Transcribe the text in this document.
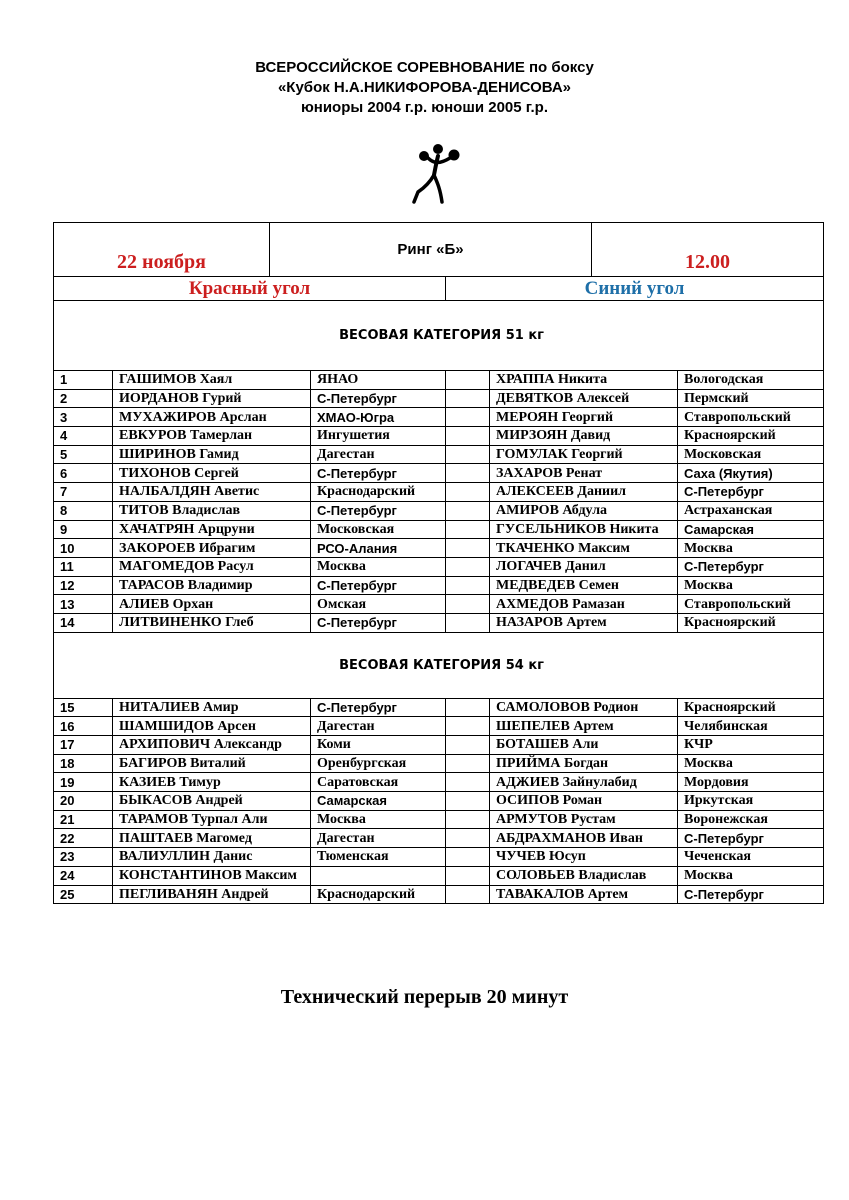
ВСЕРОССИЙСКОЕ СОРЕВНОВАНИЕ по боксу
«Кубок Н.А.НИКИФОРОВА-ДЕНИСОВА»
юниоры 2004 г.р. юноши 2005 г.р.
22 ноября	Ринг «Б»		12.00
Красный угол		Синий угол	
ВЕСОВАЯ КАТЕГОРИЯ 51 кг					
1	ГАШИМОВ Хаял	ЯНАО		ХРАППА Никита	Вологодская
2	ИОРДАНОВ Гурий	С-Петербург		ДЕВЯТКОВ Алексей	Пермский
3	МУХАЖИРОВ Арслан	ХМАО-Югра		МЕРОЯН Георгий	Ставропольский
4	ЕВКУРОВ Тамерлан	Ингушетия		МИРЗОЯН Давид	Красноярский
5	ШИРИНОВ Гамид	Дагестан		ГОМУЛАК Георгий	Московская
6	ТИХОНОВ Сергей	С-Петербург		ЗАХАРОВ Ренат	Саха (Якутия)
7	НАЛБАЛДЯН Аветис	Краснодарский		АЛЕКСЕЕВ Даниил	С-Петербург
8	ТИТОВ Владислав	С-Петербург		АМИРОВ Абдула	Астраханская
9	ХАЧАТРЯН Арцруни	Московская		ГУСЕЛЬНИКОВ Никита	Самарская
10	ЗАКОРОЕВ Ибрагим	РСО-Алания		ТКАЧЕНКО Максим	Москва
11	МАГОМЕДОВ Расул	Москва		ЛОГАЧЕВ Данил	С-Петербург
12	ТАРАСОВ Владимир	С-Петербург		МЕДВЕДЕВ Семен	Москва
13	АЛИЕВ Орхан	Омская		АХМЕДОВ Рамазан	Ставропольский
14	ЛИТВИНЕНКО Глеб	С-Петербург		НАЗАРОВ Артем	Красноярский
ВЕСОВАЯ КАТЕГОРИЯ 54 кг					
15	НИТАЛИЕВ Амир	С-Петербург		САМОЛОВОВ Родион	Красноярский
16	ШАМШИДОВ Арсен	Дагестан		ШЕПЕЛЕВ Артем	Челябинская
17	АРХИПОВИЧ Александр	Коми		БОТАШЕВ Али	КЧР
18	БАГИРОВ Виталий	Оренбургская		ПРИЙМА Богдан	Москва
19	КАЗИЕВ Тимур	Саратовская		АДЖИЕВ Зайнулабид	Мордовия
20	БЫКАСОВ Андрей	Самарская		ОСИПОВ Роман	Иркутская
21	ТАРАМОВ Турпал Али	Москва		АРМУТОВ Рустам	Воронежская
22	ПАШТАЕВ Магомед	Дагестан		АБДРАХМАНОВ Иван	С-Петербург
23	ВАЛИУЛЛИН Данис	Тюменская		ЧУЧЕВ Юсуп	Чеченская
24	КОНСТАНТИНОВ Максим			СОЛОВЬЕВ Владислав	Москва
25	ПЕГЛИВАНЯН Андрей	Краснодарский		ТАВАКАЛОВ Артем	С-Петербург
Технический перерыв 20 минут
